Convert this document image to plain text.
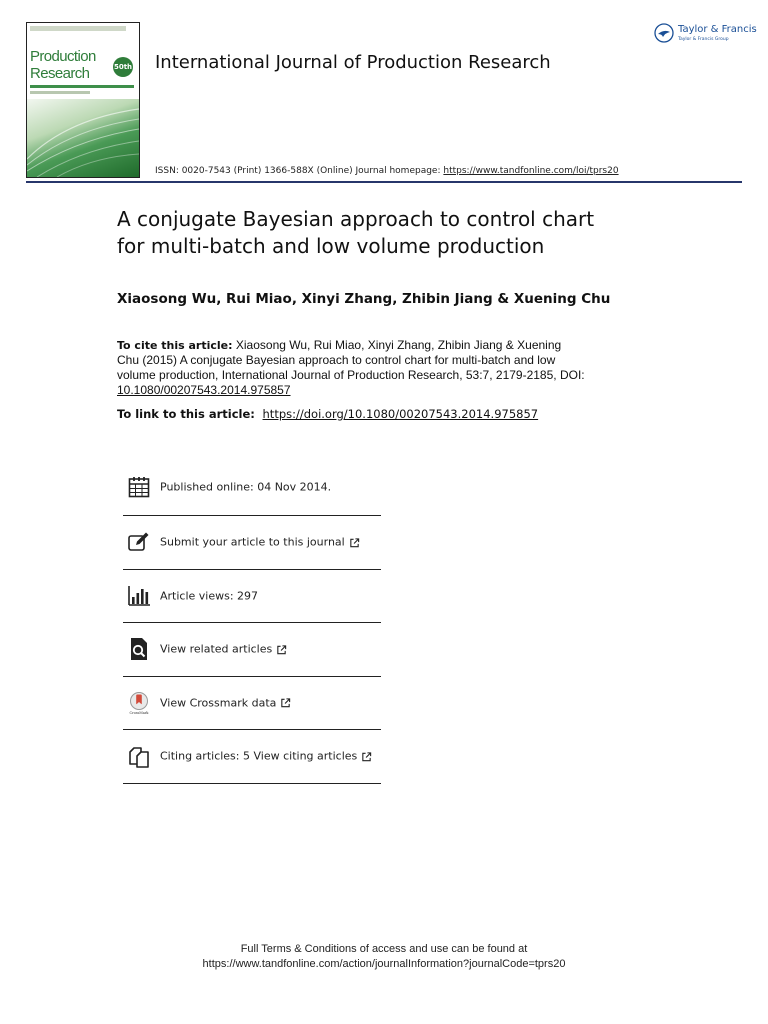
Production
Research	50th International Journal of Production Research
ISSN: 0020-7543 (Print) 1366-588X (Online) Journal homepage: https://www.tandfonline.com/loi/tprs20
Taylor & Francis
Taylor & Francis Group
A conjugate Bayesian approach to control chart
for multi-batch and low volume production
Xiaosong Wu, Rui Miao, Xinyi Zhang, Zhibin Jiang & Xuening Chu
To cite this article: Xiaosong Wu, Rui Miao, Xinyi Zhang, Zhibin Jiang & Xuening
Chu (2015) A conjugate Bayesian approach to control chart for multi-batch and low
volume production, International Journal of Production Research, 53:7, 2179-2185, DOI:
10.1080/00207543.2014.975857
To link to this article: https://doi.org/10.1080/00207543.2014.975857
Published online: 04 Nov 2014.
Submit your article to this journal
Article views: 297
View related articles
CrossMark
View Crossmark data
Citing articles: 5 View citing articles
Full Terms & Conditions of access and use can be found at
https://www.tandfonline.com/action/journalInformation?journalCode=tprs20
